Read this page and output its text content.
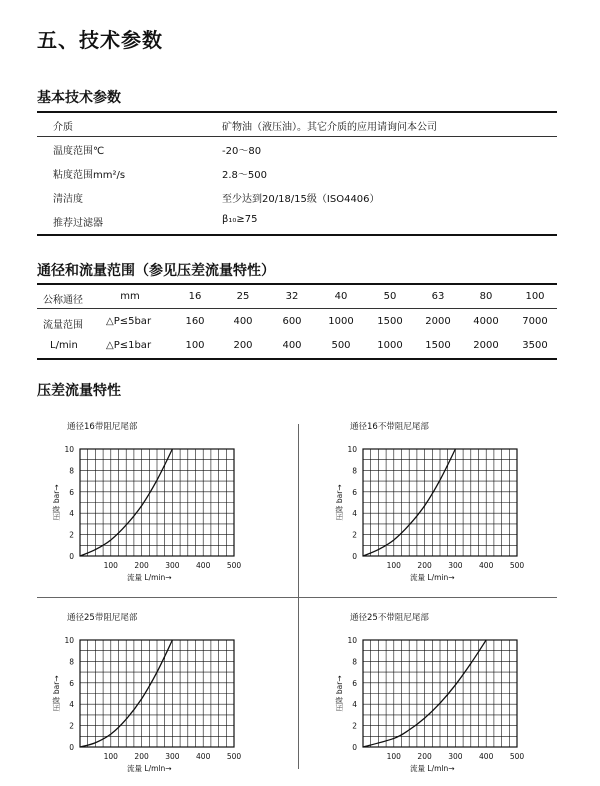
五、技术参数
基本技术参数
介质	矿物油（液压油）。其它介质的应用请询问本公司
温度范围℃	-20～80
粘度范围mm²/s	2.8～500
清洁度	至少达到20/18/15级（ISO4406）
推荐过滤器	β₁₀≥75
通径和流量范围（参见压差流量特性）
公称通径	mm	16	25	32	40	50	63	80	100
流量范围 △P≤5bar	160	400	600	1000	1500	2000	4000	7000
L/min	△P≤1bar	100	200	400	500	1000	1500	2000	3500
压差流量特性
通径16带阻尼尾部
0
2
4
6
8
10
100 200 300 400 500
流量 L/min→
压降 bar→
通径16不带阻尼尾部
0
2
4
6
8
10
100 200 300 400 500
流量 L/min→
压降 bar→
通径25带阻尼尾部
0
2
4
6
8
10
100 200 300 400 500
流量 L/mln→
压降 bar→
通径25不带阻尼尾部
0
2
4
6
8
10
100 200 300 400 500
流量 L/mln→
压降 bar→
